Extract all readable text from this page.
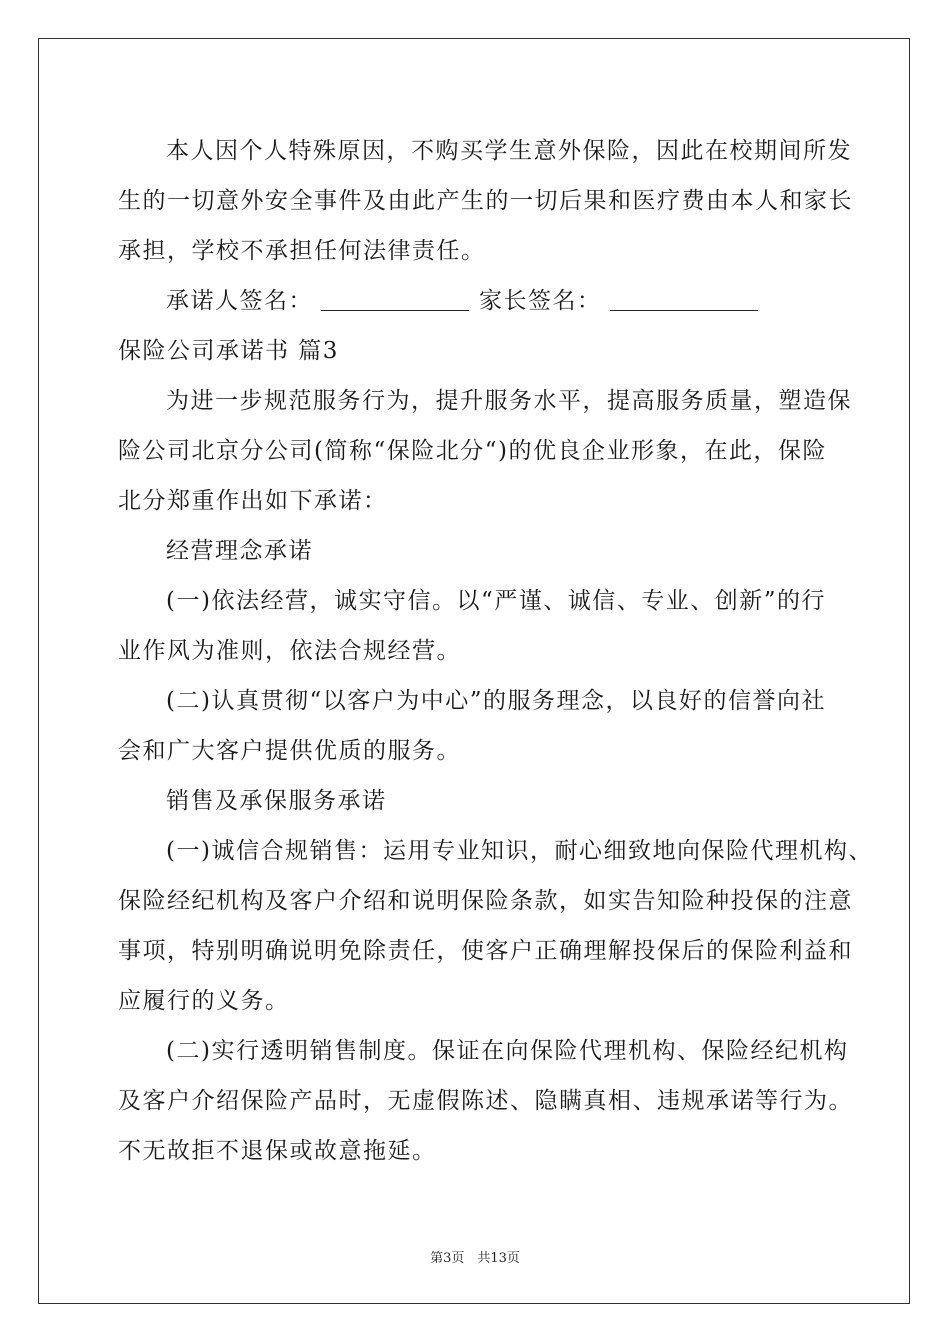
本人因个人特殊原因，不购买学生意外保险，因此在校期间所发

生的一切意外安全事件及由此产生的一切后果和医疗费由本人和家长

承担，学校不承担任何法律责任。

承诺人签名：	家长签名：

保险公司承诺书 篇3

为进一步规范服务行为，提升服务水平，提高服务质量，塑造保

险公司北京分公司(简称“保险北分“)的优良企业形象，在此，保险

北分郑重作出如下承诺：

经营理念承诺

(一)依法经营，诚实守信。以“严谨、诚信、专业、创新”的行

业作风为准则，依法合规经营。

(二)认真贯彻“以客户为中心”的服务理念，以良好的信誉向社

会和广大客户提供优质的服务。

销售及承保服务承诺

(一)诚信合规销售：运用专业知识，耐心细致地向保险代理机构、

保险经纪机构及客户介绍和说明保险条款，如实告知险种投保的注意

事项，特别明确说明免除责任，使客户正确理解投保后的保险利益和

应履行的义务。

(二)实行透明销售制度。保证在向保险代理机构、保险经纪机构

及客户介绍保险产品时，无虚假陈述、隐瞒真相、违规承诺等行为。

不无故拒不退保或故意拖延。

第3页　共13页
